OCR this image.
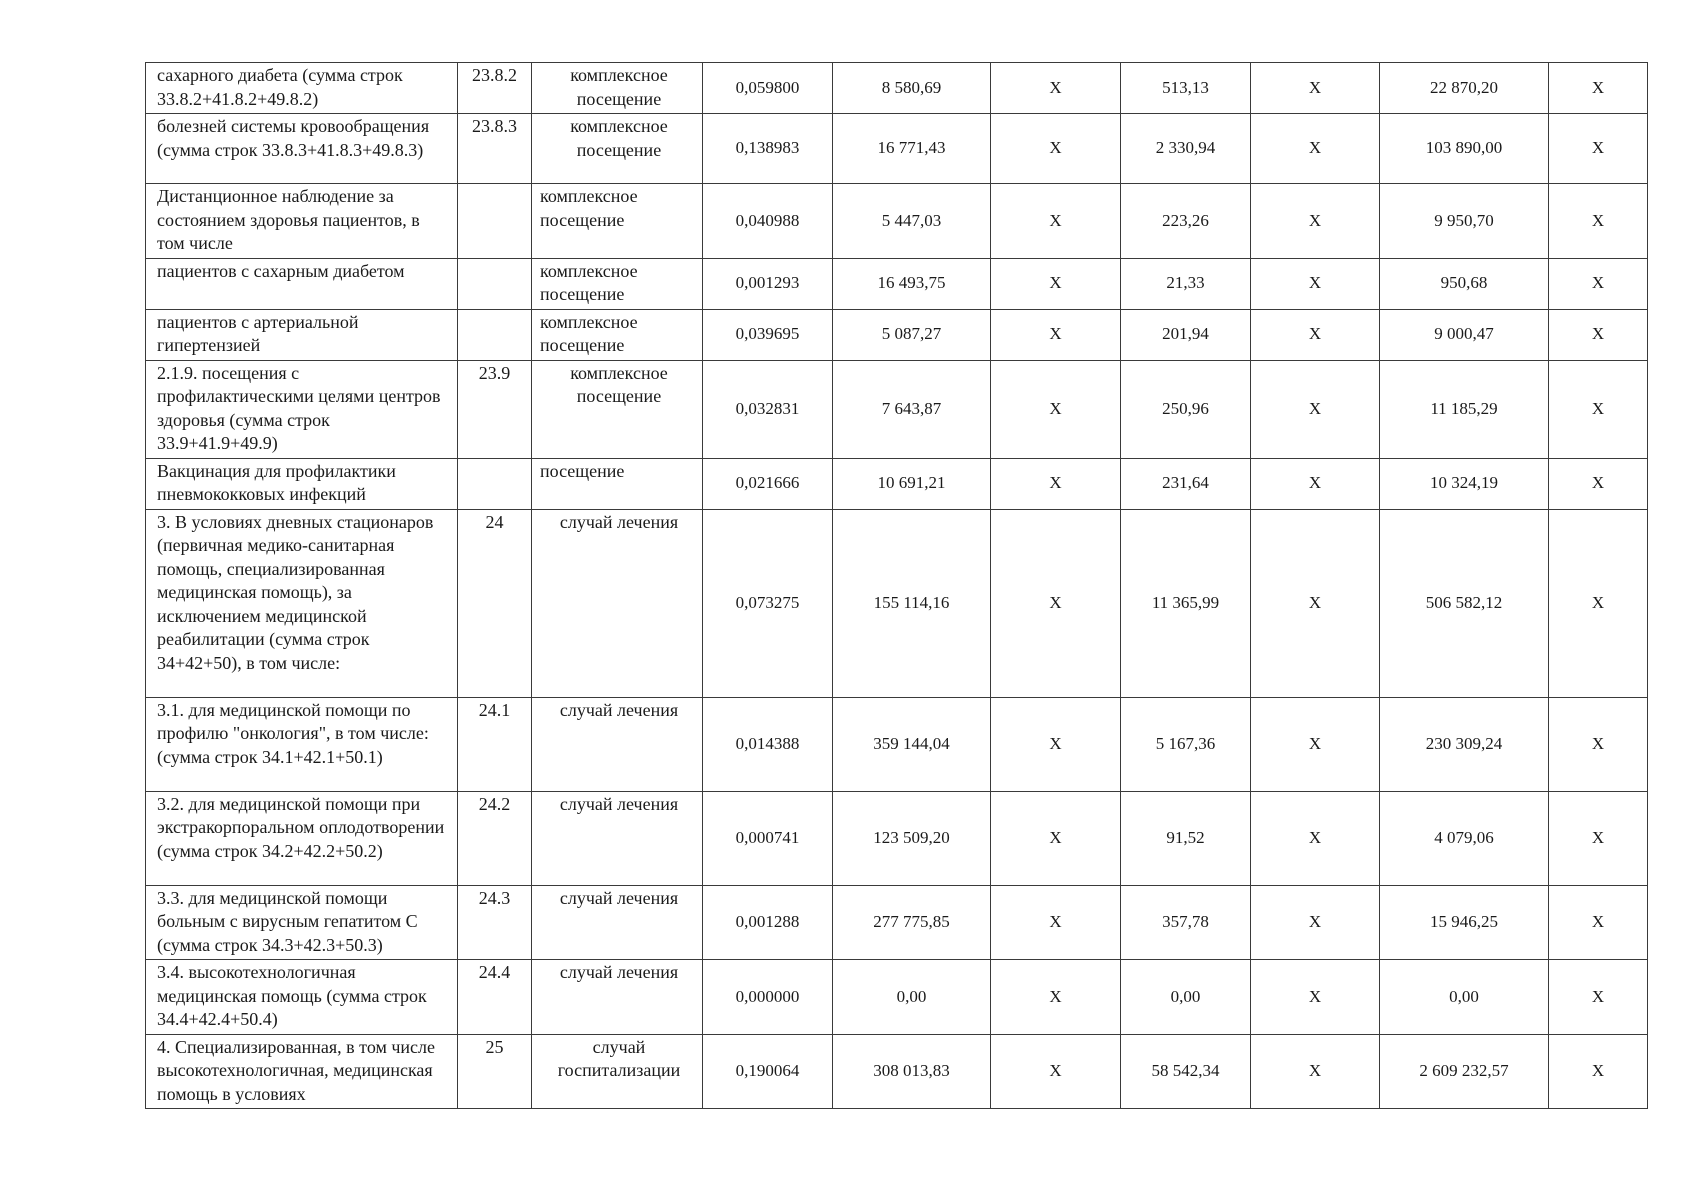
сахарного диабета (сумма строк 33.8.2+41.8.2+49.8.2)	23.8.2	комплексное посещение	0,059800	8 580,69	Х	513,13	Х	22 870,20	Х
болезней системы кровообращения (сумма строк 33.8.3+41.8.3+49.8.3)	23.8.3	комплексное посещение	0,138983	16 771,43	Х	2 330,94	Х	103 890,00	Х
Дистанционное наблюдение за состоянием здоровья пациентов, в том числе		комплексное посещение	0,040988	5 447,03	Х	223,26	Х	9 950,70	Х
пациентов с сахарным диабетом		комплексное посещение	0,001293	16 493,75	Х	21,33	Х	950,68	Х
пациентов с артериальной гипертензией		комплексное посещение	0,039695	5 087,27	Х	201,94	Х	9 000,47	Х
2.1.9. посещения с профилактическими целями центров здоровья (сумма строк 33.9+41.9+49.9)	23.9	комплексное посещение	0,032831	7 643,87	Х	250,96	Х	11 185,29	Х
Вакцинация для профилактики пневмококковых инфекций		посещение	0,021666	10 691,21	Х	231,64	Х	10 324,19	Х
3. В условиях дневных стационаров (первичная медико-санитарная помощь, специализированная медицинская помощь), за исключением медицинской реабилитации (сумма строк 34+42+50), в том числе:	24	случай лечения	0,073275	155 114,16	Х	11 365,99	Х	506 582,12	Х
3.1. для медицинской помощи по профилю "онкология", в том числе: (сумма строк 34.1+42.1+50.1)	24.1	случай лечения	0,014388	359 144,04	Х	5 167,36	Х	230 309,24	Х
3.2. для медицинской помощи при экстракорпоральном оплодотворении (сумма строк 34.2+42.2+50.2)	24.2	случай лечения	0,000741	123 509,20	Х	91,52	Х	4 079,06	Х
3.3. для медицинской помощи больным с вирусным гепатитом С (сумма строк 34.3+42.3+50.3)	24.3	случай лечения	0,001288	277 775,85	Х	357,78	Х	15 946,25	Х
3.4. высокотехнологичная медицинская помощь (сумма строк 34.4+42.4+50.4)	24.4	случай лечения	0,000000	0,00	Х	0,00	Х	0,00	Х
4. Специализированная, в том числе высокотехнологичная, медицинская помощь в условиях	25	случай госпитализации	0,190064	308 013,83	Х	58 542,34	Х	2 609 232,57	Х
